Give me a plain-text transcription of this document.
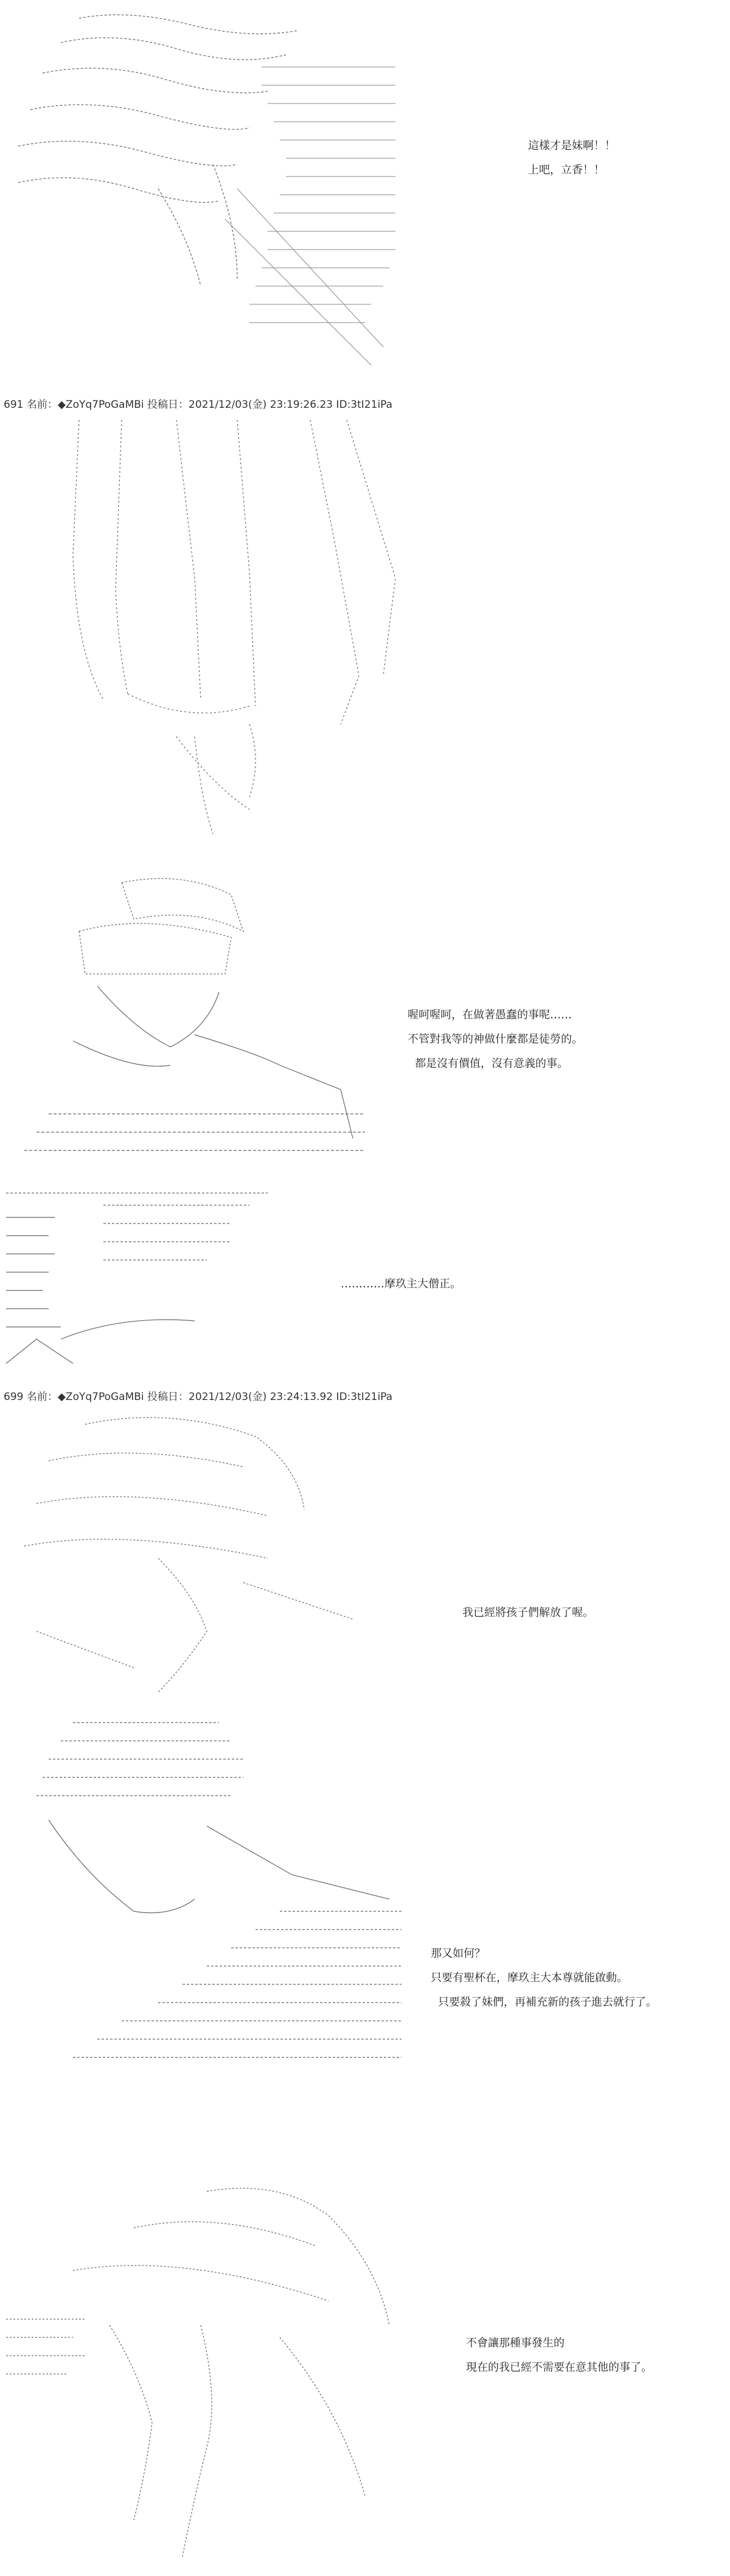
這樣才是妹啊！！
上吧，立香！！
691 名前：◆ZoYq7PoGaMBi 投稿日：2021/12/03(金) 23:19:26.23 ID:3tI21iPa
喔呵喔呵，在做著愚蠢的事呢……
不管對我等的神做什麼都是徒勞的。
都是沒有價值，沒有意義的事。
…………摩玖主大僧正。
699 名前：◆ZoYq7PoGaMBi 投稿日：2021/12/03(金) 23:24:13.92 ID:3tI21iPa
我已經將孩子們解放了喔。
那又如何？
只要有聖杯在，摩玖主大本尊就能啟動。
只要殺了妹們，再補充新的孩子進去就行了。
不會讓那種事發生的
現在的我已經不需要在意其他的事了。
